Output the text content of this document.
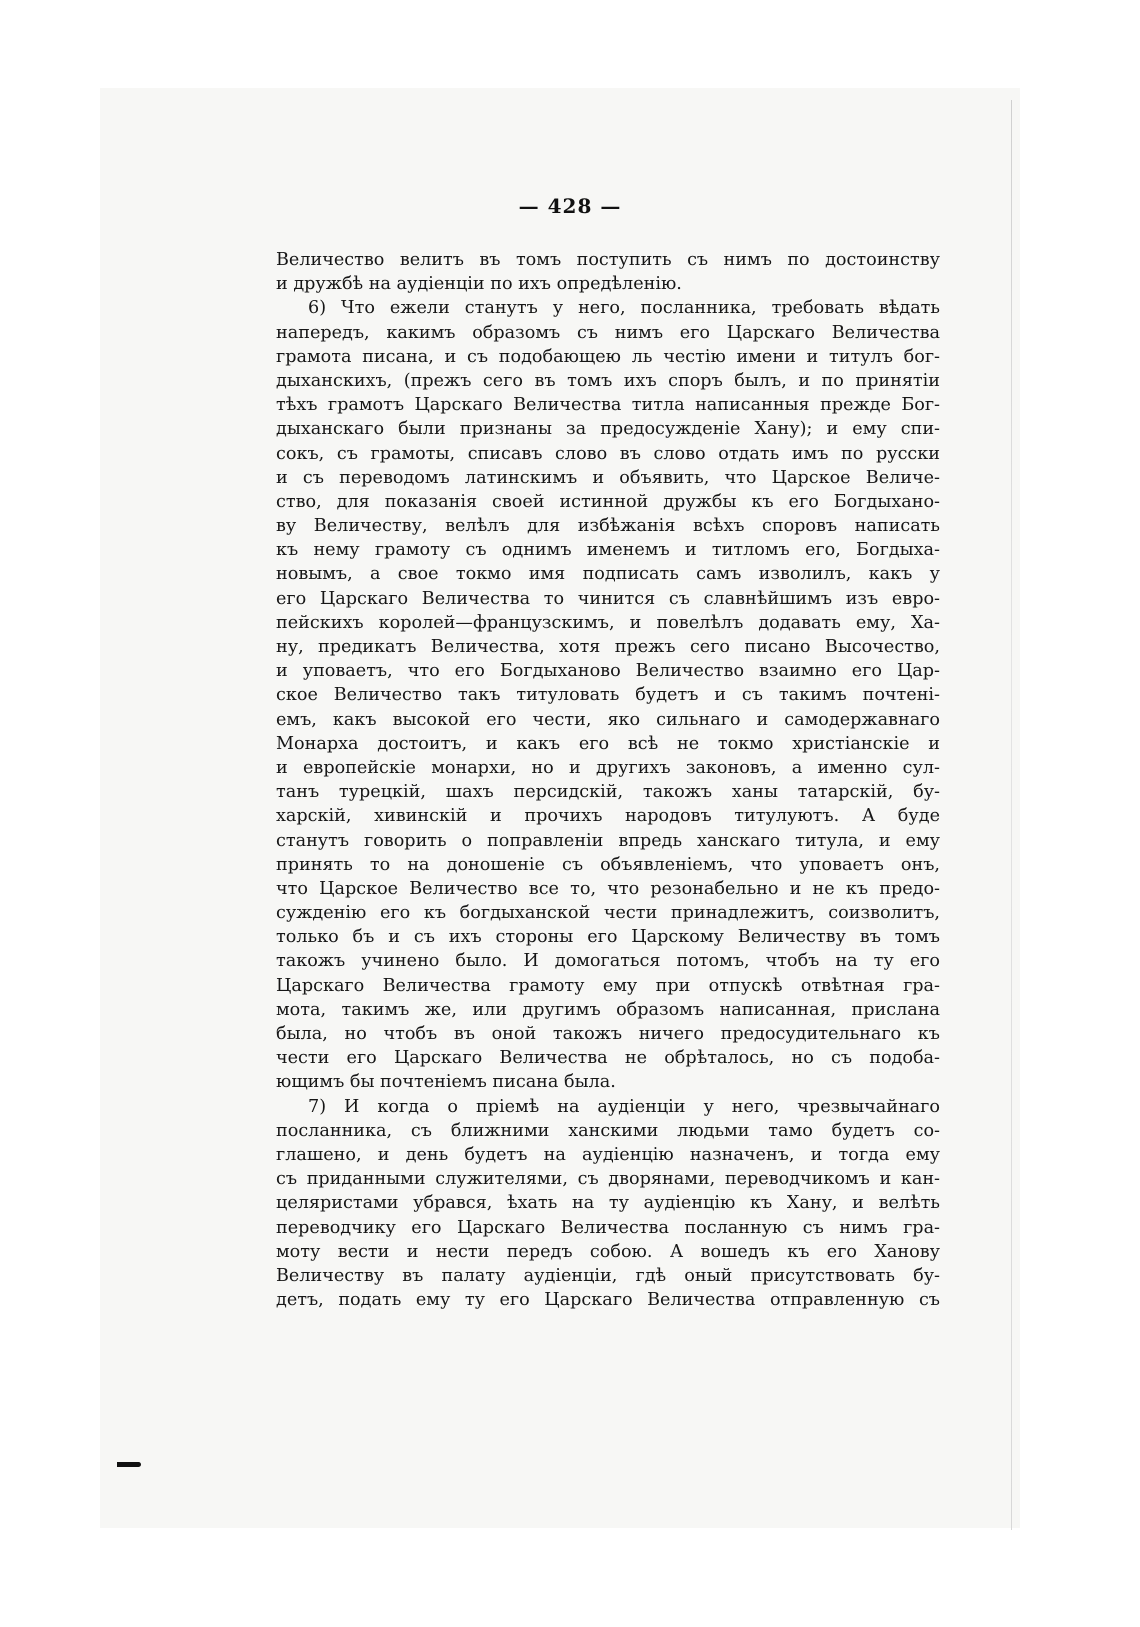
— 428 —
Величество велитъ въ томъ поступить съ нимъ по достоинству
и дружбѣ на аудіенціи по ихъ опредѣленію.
6) Что ежели станутъ у него, посланника, требовать вѣдать
напередъ, какимъ образомъ съ нимъ его Царскаго Величества
грамота писана, и съ подобающею ль честію имени и титулъ бог-
дыханскихъ, (прежъ сего въ томъ ихъ споръ былъ, и по принятіи
тѣхъ грамотъ Царскаго Величества титла написанныя прежде Бог-
дыханскаго были признаны за предосужденіе Хану); и ему спи-
сокъ, съ грамоты, списавъ слово въ слово отдать имъ по русски
и съ переводомъ латинскимъ и объявить, что Царское Величе-
ство, для показанія своей истинной дружбы къ его Богдыхано-
ву Величеству, велѣлъ для избѣжанія всѣхъ споровъ написать
къ нему грамоту съ однимъ именемъ и титломъ его, Богдыха-
новымъ, а свое токмо имя подписать самъ изволилъ, какъ у
его Царскаго Величества то чинится съ славнѣйшимъ изъ евро-
пейскихъ королей—французскимъ, и повелѣлъ додавать ему, Ха-
ну, предикатъ Величества, хотя прежъ сего писано Высочество,
и уповаетъ, что его Богдыханово Величество взаимно его Цар-
ское Величество такъ титуловать будетъ и съ такимъ почтені-
емъ, какъ высокой его чести, яко сильнаго и самодержавнаго
Монарха достоитъ, и какъ его всѣ не токмо христіанскіе и
и европейскіе монархи, но и другихъ законовъ, а именно сул-
танъ турецкій, шахъ персидскій, такожъ ханы татарскій, бу-
харскій, хивинскій и прочихъ народовъ титулуютъ. А буде
станутъ говорить о поправленіи впредь ханскаго титула, и ему
принять то на доношеніе съ объявленіемъ, что уповаетъ онъ,
что Царское Величество все то, что резонабельно и не къ предо-
сужденію его къ богдыханской чести принадлежитъ, соизволитъ,
только бъ и съ ихъ стороны его Царскому Величеству въ томъ
такожъ учинено было. И домогаться потомъ, чтобъ на ту его
Царскаго Величества грамоту ему при отпускѣ отвѣтная гра-
мота, такимъ же, или другимъ образомъ написанная, прислана
была, но чтобъ въ оной такожъ ничего предосудительнаго къ
чести его Царскаго Величества не обрѣталось, но съ подоба-
ющимъ бы почтеніемъ писана была.
7) И когда о пріемѣ на аудіенціи у него, чрезвычайнаго
посланника, съ ближними ханскими людьми тамо будетъ со-
глашено, и день будетъ на аудіенцію назначенъ, и тогда ему
съ приданными служителями, съ дворянами, переводчикомъ и кан-
целяристами убрався, ѣхать на ту аудіенцію къ Хану, и велѣть
переводчику его Царскаго Величества посланную съ нимъ гра-
моту вести и нести передъ собою. А вошедъ къ его Ханову
Величеству въ палату аудіенціи, гдѣ оный присутствовать бу-
детъ, подать ему ту его Царскаго Величества отправленную съ
